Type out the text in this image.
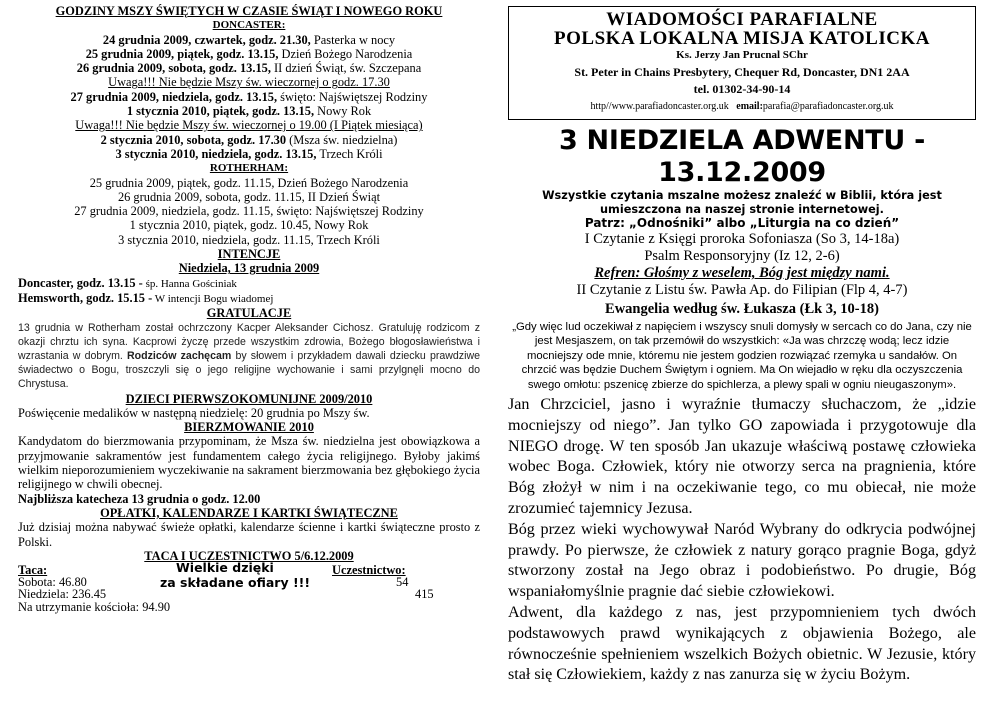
GODZINY MSZY ŚWIĘTYCH W CZASIE ŚWIĄT I NOWEGO ROKU
DONCASTER:
24 grudnia 2009, czwartek, godz. 21.30, Pasterka w nocy
25 grudnia 2009, piątek, godz. 13.15, Dzień Bożego Narodzenia
26 grudnia 2009, sobota, godz. 13.15, II dzień Świąt, św. Szczepana
Uwaga!!! Nie będzie Mszy św. wieczornej o godz. 17.30
27 grudnia 2009, niedziela, godz. 13.15, święto: Najświętszej Rodziny
1 stycznia 2010, piątek, godz. 13.15, Nowy Rok
Uwaga!!! Nie będzie Mszy św. wieczornej o 19.00 (I Piątek miesiąca)
2 stycznia 2010, sobota, godz. 17.30 (Msza św. niedzielna)
3 stycznia 2010, niedziela, godz. 13.15, Trzech Króli
ROTHERHAM:
25 grudnia 2009, piątek, godz. 11.15, Dzień Bożego Narodzenia
26 grudnia 2009, sobota, godz. 11.15, II Dzień Świąt
27 grudnia 2009, niedziela, godz. 11.15, święto: Najświętszej Rodziny
1 stycznia 2010, piątek, godz. 10.45, Nowy Rok
3 stycznia 2010, niedziela, godz. 11.15, Trzech Króli
INTENCJE
Niedziela, 13 grudnia 2009
Doncaster, godz. 13.15 - śp. Hanna Gościniak
Hemsworth, godz. 15.15 - W intencji Bogu wiadomej
GRATULACJE
13 grudnia w Rotherham został ochrzczony Kacper Aleksander Cichosz. Gratuluję rodzicom z okazji chrztu ich syna. Kacprowi życzę przede wszystkim zdrowia, Bożego błogosławieństwa i wzrastania w dobrym. Rodziców zachęcam by słowem i przykładem dawali dziecku prawdziwe świadectwo o Bogu, troszczyli się o jego religijne wychowanie i sami przylgnęli mocno do Chrystusa.
DZIECI PIERWSZOKOMUNIJNE 2009/2010
Poświęcenie medalików w następną niedzielę: 20 grudnia po Mszy św.
BIERZMOWANIE 2010
Kandydatom do bierzmowania przypominam, że Msza św. niedzielna jest obowiązkowa a przyjmowanie sakramentów jest fundamentem całego życia religijnego. Byłoby jakimś wielkim nieporozumieniem wyczekiwanie na sakrament bierzmowania bez głębokiego życia religijnego w chwili obecnej.
Najbliższa katecheza 13 grudnia o godz. 12.00
OPŁATKI, KALENDARZE I KARTKI ŚWIĄTECZNE
Już dzisiaj można nabywać świeże opłatki, kalendarze ścienne i kartki świąteczne prosto z Polski.
TACA I UCZESTNICTWO 5/6.12.2009
Taca:	Wielkie dzięki
za składane ofiary !!!
Uczestnictwo:
Sobota: 46.80	54
Niedziela: 236.45	415
Na utrzymanie kościoła: 94.90
WIADOMOŚCI PARAFIALNE
POLSKA LOKALNA MISJA KATOLICKA
Ks. Jerzy Jan Prucnal SChr
St. Peter in Chains Presbytery, Chequer Rd, Doncaster, DN1 2AA
tel. 01302-34-90-14
http//www.parafiadoncaster.org.uk email:parafia@parafiadoncaster.org.uk
3 NIEDZIELA ADWENTU - 13.12.2009
Wszystkie czytania mszalne możesz znaleźć w Biblii, która jest umieszczona na naszej stronie internetowej.
Patrz: „Odnośniki” albo „Liturgia na co dzień”
I Czytanie z Księgi proroka Sofoniasza (So 3, 14-18a)
Psalm Responsoryjny (Iz 12, 2-6)
Refren: Głośmy z weselem, Bóg jest między nami.
II Czytanie z Listu św. Pawła Ap. do Filipian (Flp 4, 4-7)
Ewangelia według św. Łukasza (Łk 3, 10-18)
„Gdy więc lud oczekiwał z napięciem i wszyscy snuli domysły w sercach co do Jana, czy nie jest Mesjaszem, on tak przemówił do wszystkich: «Ja was chrzczę wodą; lecz idzie mocniejszy ode mnie, któremu nie jestem godzien rozwiązać rzemyka u sandałów. On chrzcić was będzie Duchem Świętym i ogniem. Ma On wiejadło w ręku dla oczyszczenia swego omłotu: pszenicę zbierze do spichlerza, a plewy spali w ogniu nieugaszonym».
Jan Chrzciciel, jasno i wyraźnie tłumaczy słuchaczom, że „idzie mocniejszy od niego”. Jan tylko GO zapowiada i przygotowuje dla NIEGO drogę. W ten sposób Jan ukazuje właściwą postawę człowieka wobec Boga. Człowiek, który nie otworzy serca na pragnienia, które Bóg złożył w nim i na oczekiwanie tego, co mu obiecał, nie może zrozumieć tajemnicy Jezusa.
Bóg przez wieki wychowywał Naród Wybrany do odkrycia podwójnej prawdy. Po pierwsze, że człowiek z natury gorąco pragnie Boga, gdyż stworzony został na Jego obraz i podobieństwo. Po drugie, Bóg wspaniałomyślnie pragnie dać siebie człowiekowi.
Adwent, dla każdego z nas, jest przypomnieniem tych dwóch podstawowych prawd wynikających z objawienia Bożego, ale równocześnie spełnieniem wszelkich Bożych obietnic. W Jezusie, który stał się Człowiekiem, każdy z nas zanurza się w życiu Bożym.
